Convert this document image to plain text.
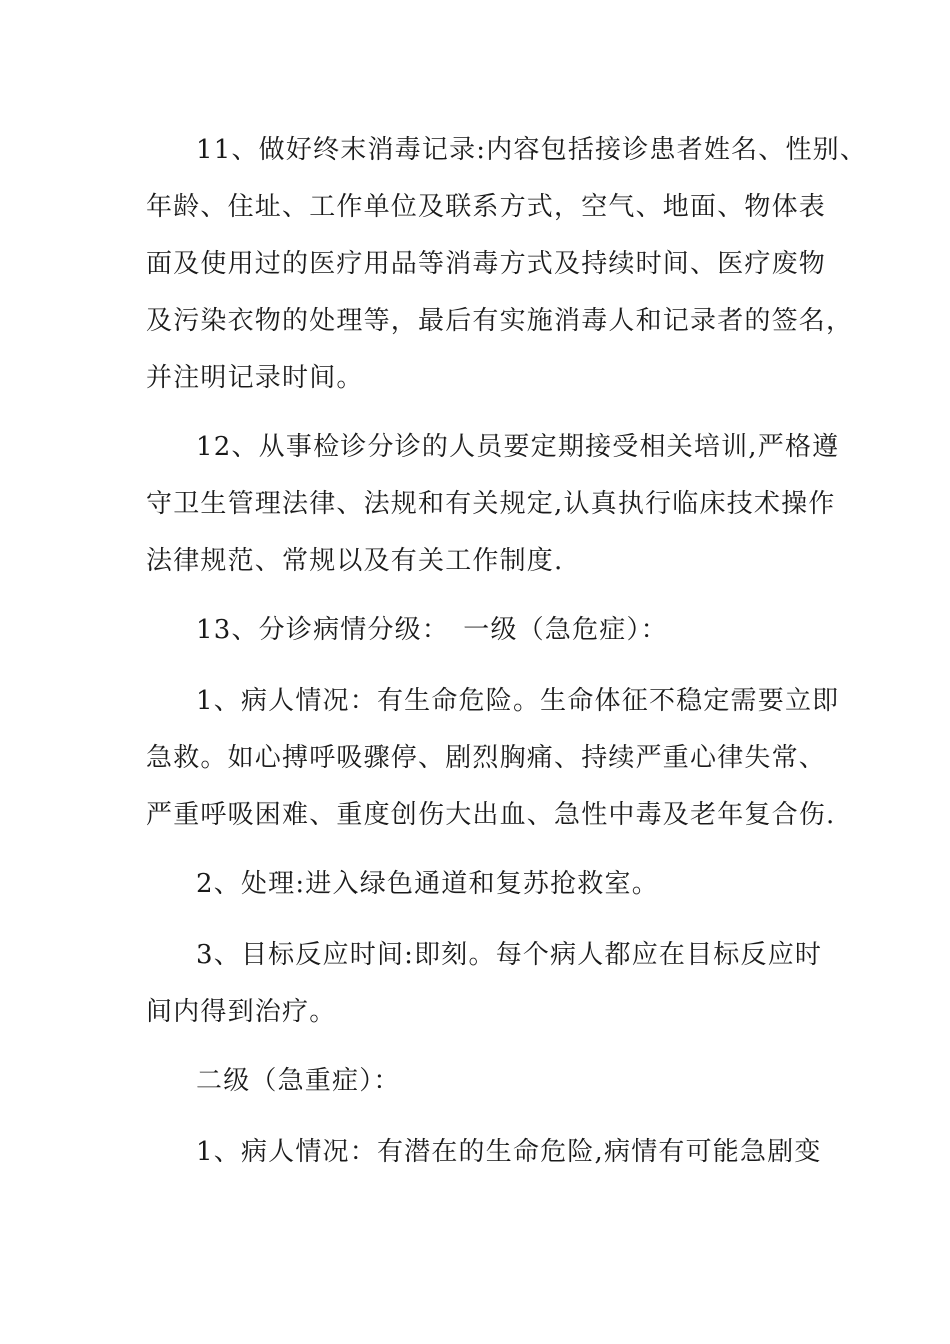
11、做好终末消毒记录:内容包括接诊患者姓名、性别、
年龄、住址、工作单位及联系方式，空气、地面、物体表
面及使用过的医疗用品等消毒方式及持续时间、医疗废物
及污染衣物的处理等，最后有实施消毒人和记录者的签名，
并注明记录时间。
12、从事检诊分诊的人员要定期接受相关培训,严格遵
守卫生管理法律、法规和有关规定,认真执行临床技术操作
法律规范、常规以及有关工作制度.
13、分诊病情分级：　一级（急危症）：
1、病人情况：有生命危险。生命体征不稳定需要立即
急救。如心搏呼吸骤停、剧烈胸痛、持续严重心律失常、
严重呼吸困难、重度创伤大出血、急性中毒及老年复合伤.
2、处理:进入绿色通道和复苏抢救室。
3、目标反应时间:即刻。每个病人都应在目标反应时
间内得到治疗。
二级（急重症）：
1、病人情况：有潜在的生命危险,病情有可能急剧变
